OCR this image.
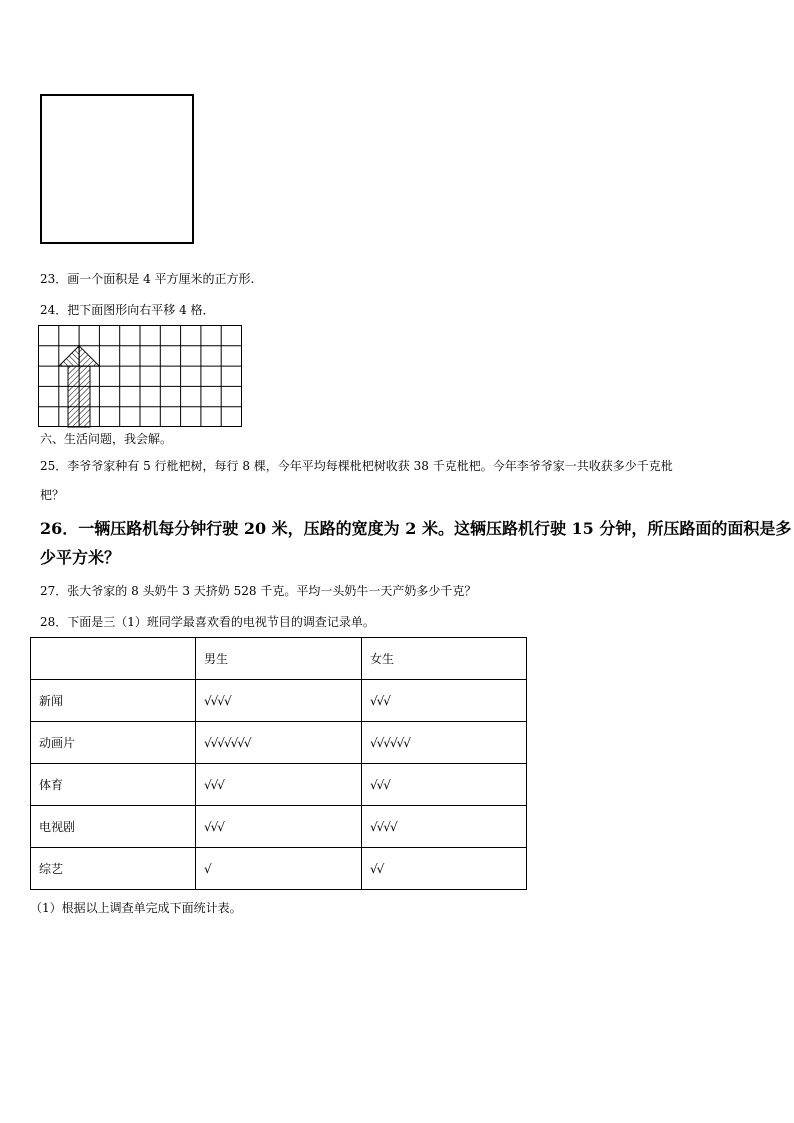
23．画一个面积是 4 平方厘米的正方形.
24．把下面图形向右平移 4 格．
六、生活问题，我会解。
25．李爷爷家种有 5 行枇杷树，每行 8 棵，今年平均每棵枇杷树收获 38 千克枇杷。今年李爷爷家一共收获多少千克枇
杷？
26．一辆压路机每分钟行驶 20 米，压路的宽度为 2 米。这辆压路机行驶 15 分钟，所压路面的面积是多
少平方米？
27．张大爷家的 8 头奶牛 3 天挤奶 528 千克。平均一头奶牛一天产奶多少千克？
28．下面是三（1）班同学最喜欢看的电视节目的调查记录单。
	男生	女生
新闻	√√√√	√√√
动画片	√√√√√√√	√√√√√√
体育	√√√	√√√
电视剧	√√√	√√√√
综艺	√	√√
（1）根据以上调查单完成下面统计表。
